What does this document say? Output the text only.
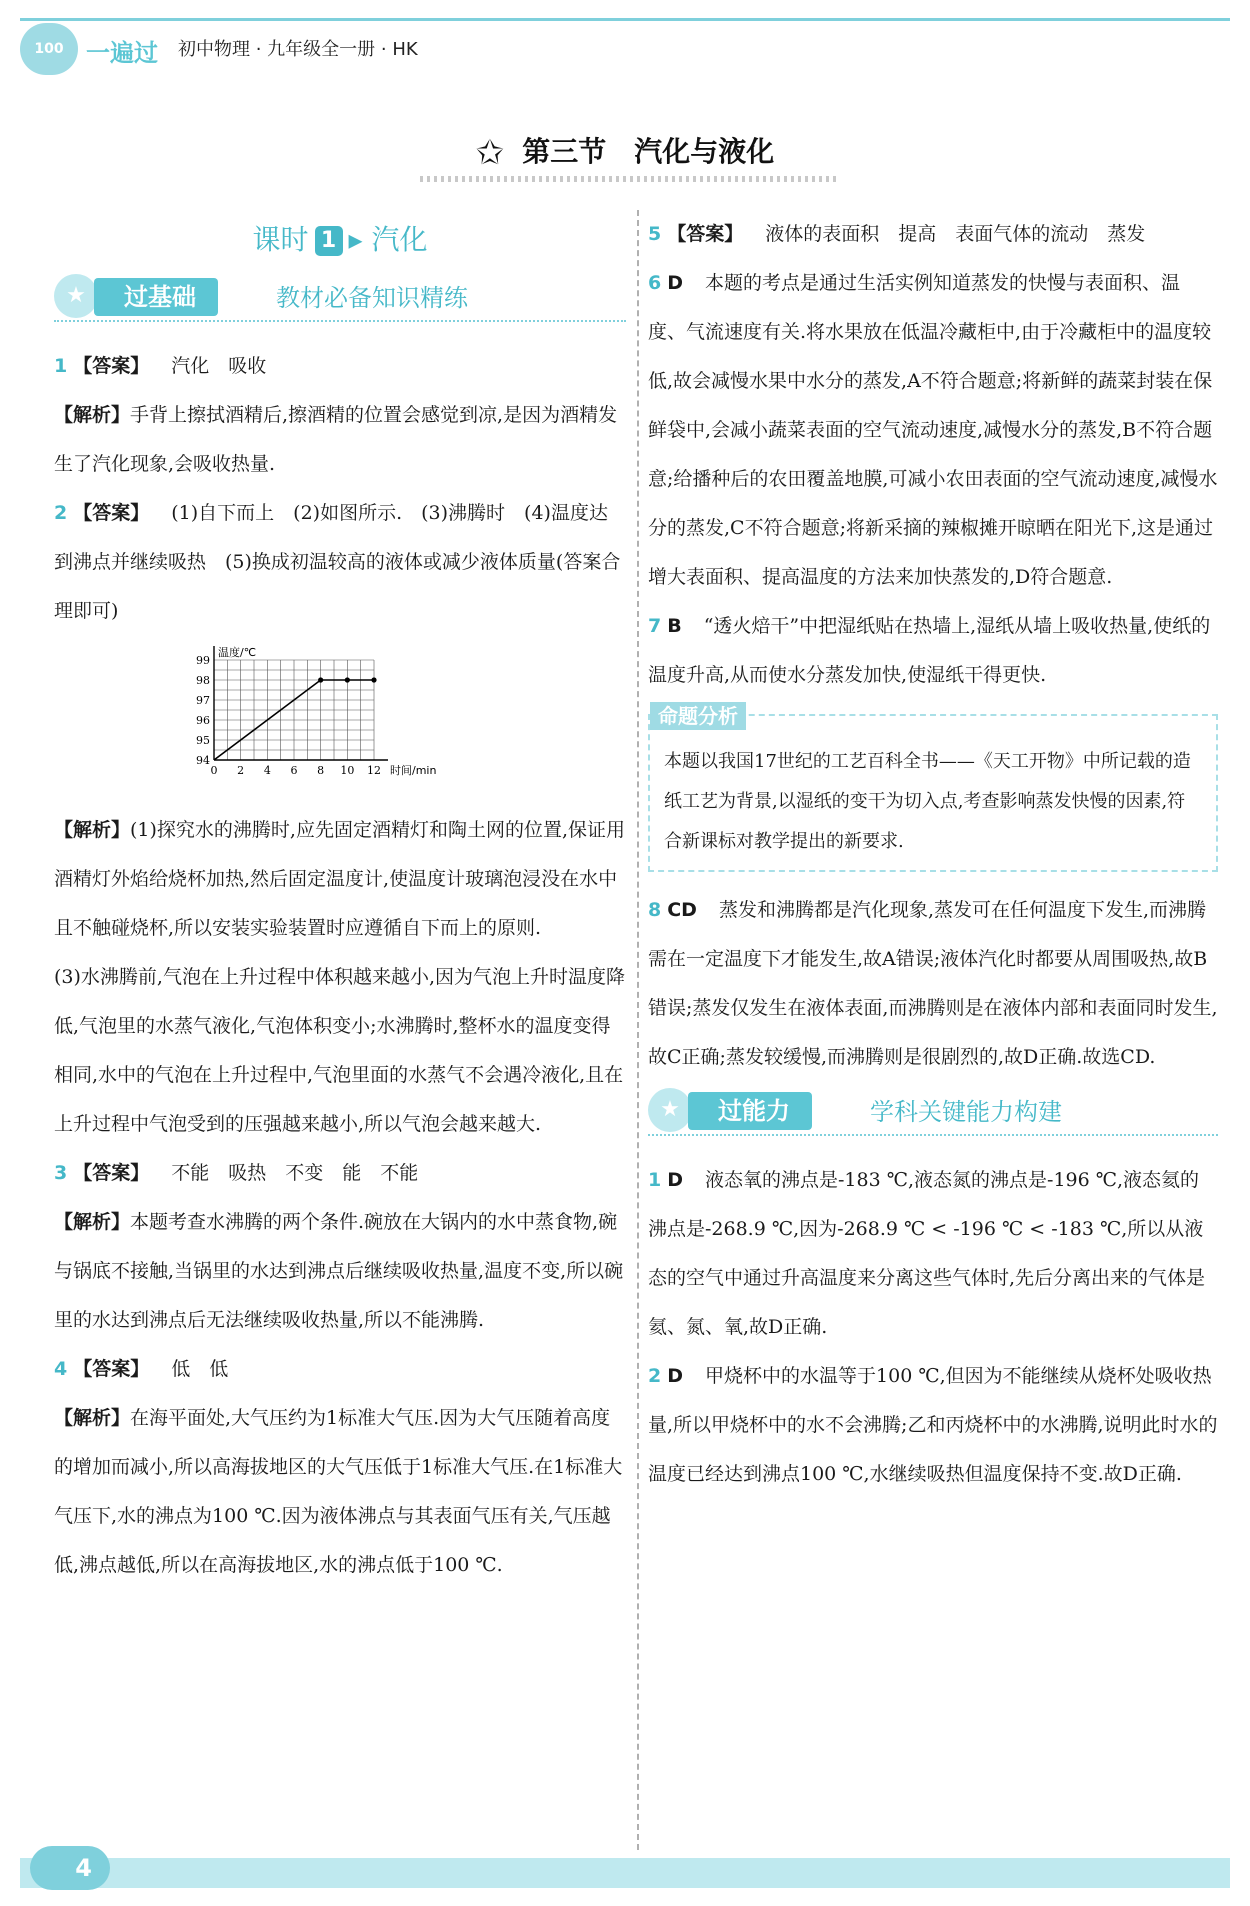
100 一遍过 初中物理 · 九年级全一册 · HK
✩ 第三节 汽化与液化
课时 1 ▸ 汽化
★	过基础	教材必备知识精练

1 【答案】 汽化　吸收

【解析】手背上擦拭酒精后,擦酒精的位置会感觉到凉,是因为酒精发生了汽化现象,会吸收热量.

2 【答案】 (1)自下而上　(2)如图所示.　(3)沸腾时　(4)温度达到沸点并继续吸热　(5)换成初温较高的液体或减少液体质量(答案合理即可)

0 2 4 6 8 10 12
94
95
96
97
98
99
时间/min
温度/℃

【解析】(1)探究水的沸腾时,应先固定酒精灯和陶土网的位置,保证用酒精灯外焰给烧杯加热,然后固定温度计,使温度计玻璃泡浸没在水中且不触碰烧杯,所以安装实验装置时应遵循自下而上的原则.

(3)水沸腾前,气泡在上升过程中体积越来越小,因为气泡上升时温度降低,气泡里的水蒸气液化,气泡体积变小;水沸腾时,整杯水的温度变得相同,水中的气泡在上升过程中,气泡里面的水蒸气不会遇冷液化,且在上升过程中气泡受到的压强越来越小,所以气泡会越来越大.

3 【答案】 不能　吸热　不变　能　不能

【解析】本题考查水沸腾的两个条件.碗放在大锅内的水中蒸食物,碗与锅底不接触,当锅里的水达到沸点后继续吸收热量,温度不变,所以碗里的水达到沸点后无法继续吸收热量,所以不能沸腾.

4 【答案】 低　低

【解析】在海平面处,大气压约为1标准大气压.因为大气压随着高度的增加而减小,所以高海拔地区的大气压低于1标准大气压.在1标准大气压下,水的沸点为100 ℃.因为液体沸点与其表面气压有关,气压越低,沸点越低,所以在高海拔地区,水的沸点低于100 ℃.

5 【答案】 液体的表面积　提高　表面气体的流动　蒸发

6 D 本题的考点是通过生活实例知道蒸发的快慢与表面积、温度、气流速度有关.将水果放在低温冷藏柜中,由于冷藏柜中的温度较低,故会减慢水果中水分的蒸发,A不符合题意;将新鲜的蔬菜封装在保鲜袋中,会减小蔬菜表面的空气流动速度,减慢水分的蒸发,B不符合题意;给播种后的农田覆盖地膜,可减小农田表面的空气流动速度,减慢水分的蒸发,C不符合题意;将新采摘的辣椒摊开晾晒在阳光下,这是通过增大表面积、提高温度的方法来加快蒸发的,D符合题意.

7 B “透火焙干”中把湿纸贴在热墙上,湿纸从墙上吸收热量,使纸的温度升高,从而使水分蒸发加快,使湿纸干得更快.

命题分析
本题以我国17世纪的工艺百科全书——《天工开物》中所记载的造纸工艺为背景,以湿纸的变干为切入点,考查影响蒸发快慢的因素,符合新课标对教学提出的新要求.

8 CD 蒸发和沸腾都是汽化现象,蒸发可在任何温度下发生,而沸腾需在一定温度下才能发生,故A错误;液体汽化时都要从周围吸热,故B错误;蒸发仅发生在液体表面,而沸腾则是在液体内部和表面同时发生,故C正确;蒸发较缓慢,而沸腾则是很剧烈的,故D正确.故选CD.

★	过能力	学科关键能力构建

1 D 液态氧的沸点是-183 ℃,液态氮的沸点是-196 ℃,液态氦的沸点是-268.9 ℃,因为-268.9 ℃ < -196 ℃ < -183 ℃,所以从液态的空气中通过升高温度来分离这些气体时,先后分离出来的气体是氦、氮、氧,故D正确.

2 D 甲烧杯中的水温等于100 ℃,但因为不能继续从烧杯处吸收热量,所以甲烧杯中的水不会沸腾;乙和丙烧杯中的水沸腾,说明此时水的温度已经达到沸点100 ℃,水继续吸热但温度保持不变.故D正确.

4
